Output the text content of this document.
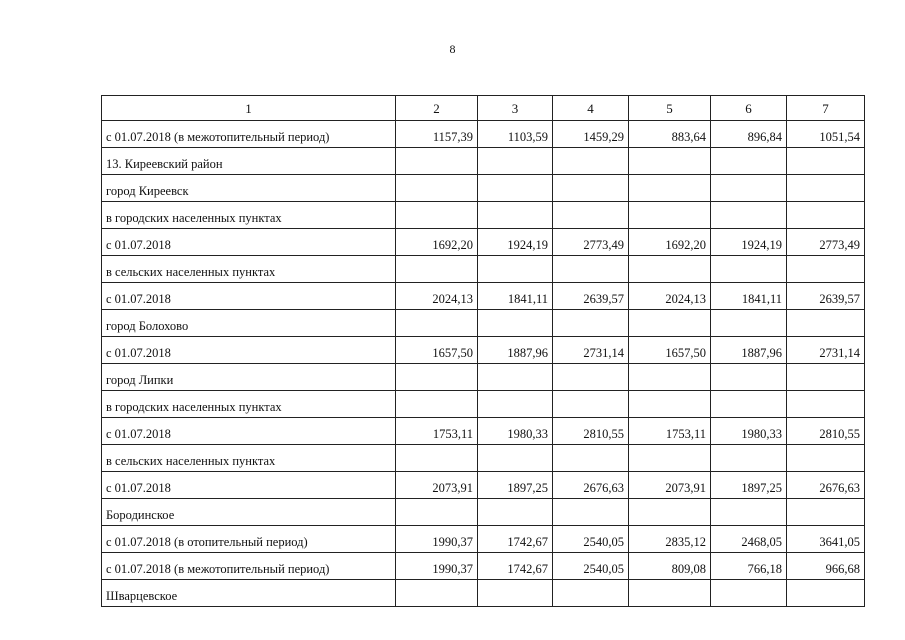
8
1	2	3	4	5	6	7
с 01.07.2018 (в межотопительный период)	1157,39	1103,59	1459,29	883,64	896,84	1051,54
13. Киреевский район						
город Киреевск						
в городских населенных пунктах						
с 01.07.2018	1692,20	1924,19	2773,49	1692,20	1924,19	2773,49
в сельских населенных пунктах						
с 01.07.2018	2024,13	1841,11	2639,57	2024,13	1841,11	2639,57
город Болохово						
с 01.07.2018	1657,50	1887,96	2731,14	1657,50	1887,96	2731,14
город Липки						
в городских населенных пунктах						
с 01.07.2018	1753,11	1980,33	2810,55	1753,11	1980,33	2810,55
в сельских населенных пунктах						
с 01.07.2018	2073,91	1897,25	2676,63	2073,91	1897,25	2676,63
Бородинское						
с 01.07.2018 (в отопительный период)	1990,37	1742,67	2540,05	2835,12	2468,05	3641,05
с 01.07.2018 (в межотопительный период)	1990,37	1742,67	2540,05	809,08	766,18	966,68
Шварцевское						
